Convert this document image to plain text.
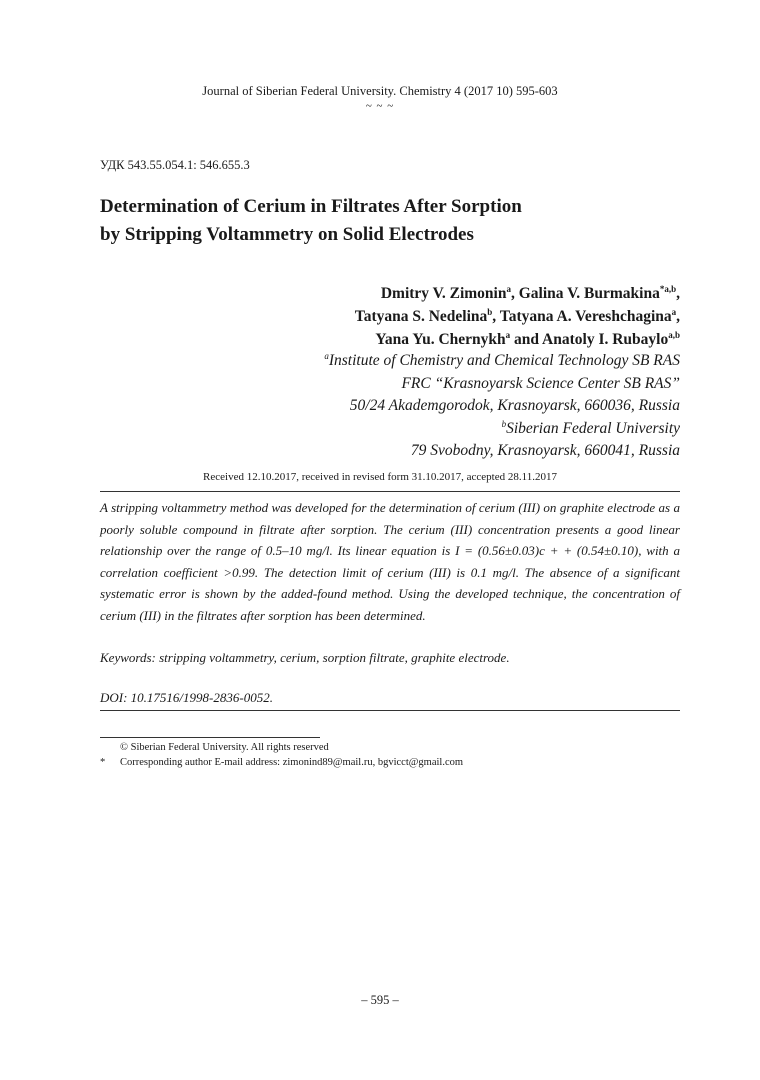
Journal of Siberian Federal University. Chemistry 4 (2017 10) 595-603
~ ~ ~
УДК 543.55.054.1: 546.655.3
Determination of Cerium in Filtrates After Sorption
by Stripping Voltammetry on Solid Electrodes
Dmitry V. Zimonin$^a$, Galina V. Burmakina$^{*a,b}$,
Tatyana S. Nedelina$^b$, Tatyana A. Vereshchagina$^a$,
Yana Yu. Chernykh$^a$ and Anatoly I. Rubaylo$^{a,b}$
$^a$Institute of Chemistry and Chemical Technology SB RAS
FRC “Krasnoyarsk Science Center SB RAS”
50/24 Akademgorodok, Krasnoyarsk, 660036, Russia
$^b$Siberian Federal University
79 Svobodny, Krasnoyarsk, 660041, Russia
Received 12.10.2017, received in revised form 31.10.2017, accepted 28.11.2017
A stripping voltammetry method was developed for the determination of cerium (III) on graphite electrode as a poorly soluble compound in filtrate after sorption. The cerium (III) concentration presents a good linear relationship over the range of 0.5–10 mg/l. Its linear equation is I = (0.56±0.03)c + + (0.54±0.10), with a correlation coefficient >0.99. The detection limit of cerium (III) is 0.1 mg/l. The absence of a significant systematic error is shown by the added-found method. Using the developed technique, the concentration of cerium (III) in the filtrates after sorption has been determined.
Keywords: stripping voltammetry, cerium, sorption filtrate, graphite electrode.
DOI: 10.17516/1998-2836-0052.
© Siberian Federal University. All rights reserved
* Corresponding author E-mail address: zimonind89@mail.ru, bgvicct@gmail.com
– 595 –
